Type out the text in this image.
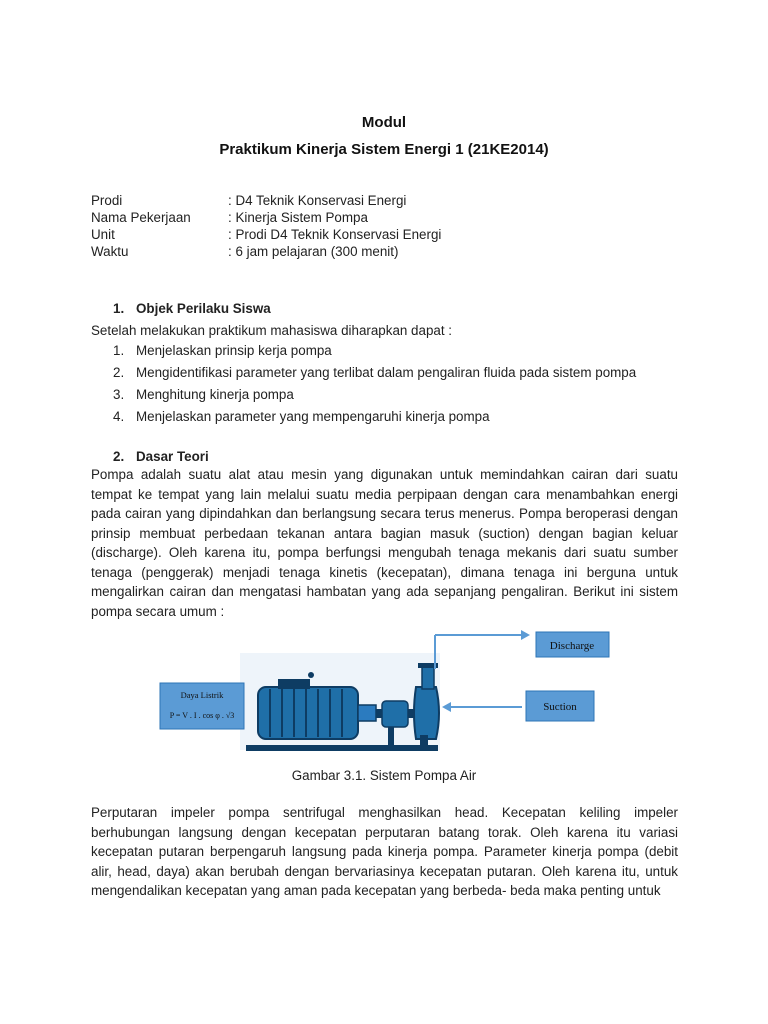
Modul
Praktikum Kinerja Sistem Energi 1 (21KE2014)
Prodi	: D4 Teknik Konservasi Energi
Nama Pekerjaan	: Kinerja Sistem Pompa
Unit	: Prodi D4 Teknik Konservasi Energi
Waktu	: 6 jam pelajaran (300 menit)
1. Objek Perilaku Siswa
Setelah melakukan praktikum mahasiswa diharapkan dapat :
1. Menjelaskan prinsip kerja pompa
2. Mengidentifikasi parameter yang terlibat dalam pengaliran fluida pada sistem pompa
3. Menghitung kinerja pompa
4. Menjelaskan parameter yang mempengaruhi kinerja pompa
2. Dasar Teori
Pompa adalah suatu alat atau mesin yang digunakan untuk memindahkan cairan dari suatu tempat ke tempat yang lain melalui suatu media perpipaan dengan cara menambahkan energi pada cairan yang dipindahkan dan berlangsung secara terus menerus. Pompa beroperasi dengan prinsip membuat perbedaan tekanan antara bagian masuk (suction) dengan bagian keluar (discharge). Oleh karena itu, pompa berfungsi mengubah tenaga mekanis dari suatu sumber tenaga (penggerak) menjadi tenaga kinetis (kecepatan), dimana tenaga ini berguna untuk mengalirkan cairan dan mengatasi hambatan yang ada sepanjang pengaliran. Berikut ini sistem pompa secara umum :
Daya Listrik
P = V . I . cos φ . √3
Discharge
Suction
Gambar 3.1. Sistem Pompa Air
Perputaran impeler pompa sentrifugal menghasilkan head. Kecepatan keliling impeler berhubungan langsung dengan kecepatan perputaran batang torak. Oleh karena itu variasi kecepatan putaran berpengaruh langsung pada kinerja pompa. Parameter kinerja pompa (debit alir, head, daya) akan berubah dengan bervariasinya kecepatan putaran. Oleh karena itu, untuk mengendalikan kecepatan yang aman pada kecepatan yang berbeda- beda maka penting untuk
